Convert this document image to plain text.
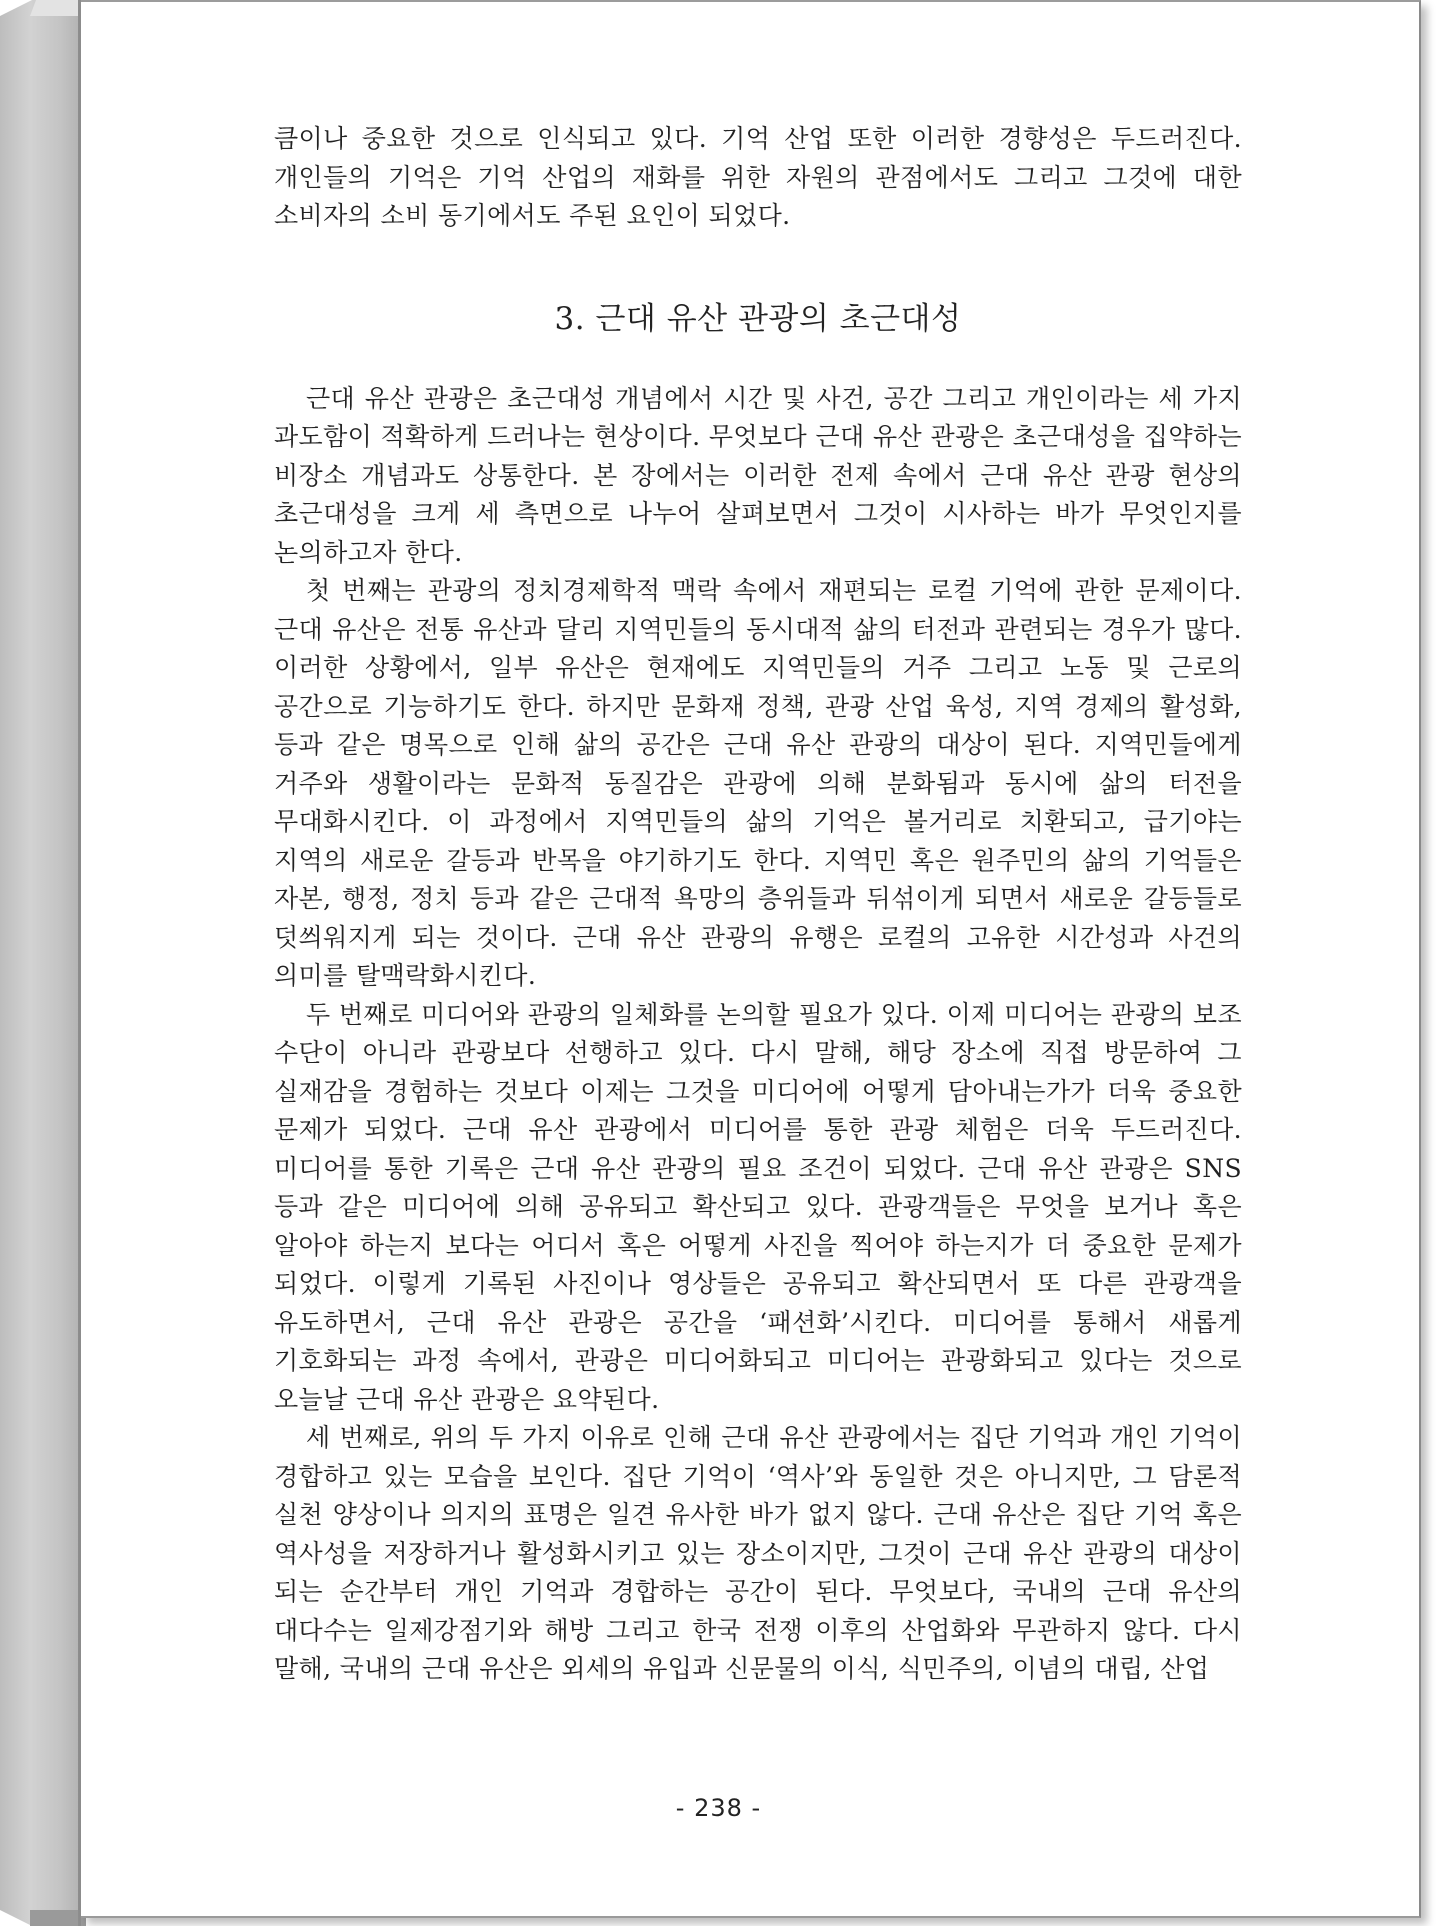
큼이나 중요한 것으로 인식되고 있다. 기억 산업 또한 이러한 경향성은 두드러진다. 개인들의 기억은 기억 산업의 재화를 위한 자원의 관점에서도 그리고 그것에 대한 소비자의 소비 동기에서도 주된 요인이 되었다.

3. 근대 유산 관광의 초근대성

근대 유산 관광은 초근대성 개념에서 시간 및 사건, 공간 그리고 개인이라는 세 가지 과도함이 적확하게 드러나는 현상이다. 무엇보다 근대 유산 관광은 초근대성을 집약하는 비장소 개념과도 상통한다. 본 장에서는 이러한 전제 속에서 근대 유산 관광 현상의 초근대성을 크게 세 측면으로 나누어 살펴보면서 그것이 시사하는 바가 무엇인지를 논의하고자 한다.

첫 번째는 관광의 정치경제학적 맥락 속에서 재편되는 로컬 기억에 관한 문제이다. 근대 유산은 전통 유산과 달리 지역민들의 동시대적 삶의 터전과 관련되는 경우가 많다. 이러한 상황에서, 일부 유산은 현재에도 지역민들의 거주 그리고 노동 및 근로의 공간으로 기능하기도 한다. 하지만 문화재 정책, 관광 산업 육성, 지역 경제의 활성화, 등과 같은 명목으로 인해 삶의 공간은 근대 유산 관광의 대상이 된다. 지역민들에게 거주와 생활이라는 문화적 동질감은 관광에 의해 분화됨과 동시에 삶의 터전을 무대화시킨다. 이 과정에서 지역민들의 삶의 기억은 볼거리로 치환되고, 급기야는 지역의 새로운 갈등과 반목을 야기하기도 한다. 지역민 혹은 원주민의 삶의 기억들은 자본, 행정, 정치 등과 같은 근대적 욕망의 층위들과 뒤섞이게 되면서 새로운 갈등들로 덧씌워지게 되는 것이다. 근대 유산 관광의 유행은 로컬의 고유한 시간성과 사건의 의미를 탈맥락화시킨다.

두 번째로 미디어와 관광의 일체화를 논의할 필요가 있다. 이제 미디어는 관광의 보조 수단이 아니라 관광보다 선행하고 있다. 다시 말해, 해당 장소에 직접 방문하여 그 실재감을 경험하는 것보다 이제는 그것을 미디어에 어떻게 담아내는가가 더욱 중요한 문제가 되었다. 근대 유산 관광에서 미디어를 통한 관광 체험은 더욱 두드러진다. 미디어를 통한 기록은 근대 유산 관광의 필요 조건이 되었다. 근대 유산 관광은 SNS 등과 같은 미디어에 의해 공유되고 확산되고 있다. 관광객들은 무엇을 보거나 혹은 알아야 하는지 보다는 어디서 혹은 어떻게 사진을 찍어야 하는지가 더 중요한 문제가 되었다. 이렇게 기록된 사진이나 영상들은 공유되고 확산되면서 또 다른 관광객을 유도하면서, 근대 유산 관광은 공간을 ‘패션화’시킨다. 미디어를 통해서 새롭게 기호화되는 과정 속에서, 관광은 미디어화되고 미디어는 관광화되고 있다는 것으로 오늘날 근대 유산 관광은 요약된다.

세 번째로, 위의 두 가지 이유로 인해 근대 유산 관광에서는 집단 기억과 개인 기억이 경합하고 있는 모습을 보인다. 집단 기억이 ‘역사’와 동일한 것은 아니지만, 그 담론적 실천 양상이나 의지의 표명은 일견 유사한 바가 없지 않다. 근대 유산은 집단 기억 혹은 역사성을 저장하거나 활성화시키고 있는 장소이지만, 그것이 근대 유산 관광의 대상이 되는 순간부터 개인 기억과 경합하는 공간이 된다. 무엇보다, 국내의 근대 유산의 대다수는 일제강점기와 해방 그리고 한국 전쟁 이후의 산업화와 무관하지 않다. 다시 말해, 국내의 근대 유산은 외세의 유입과 신문물의 이식, 식민주의, 이념의 대립, 산업

- 238 -
